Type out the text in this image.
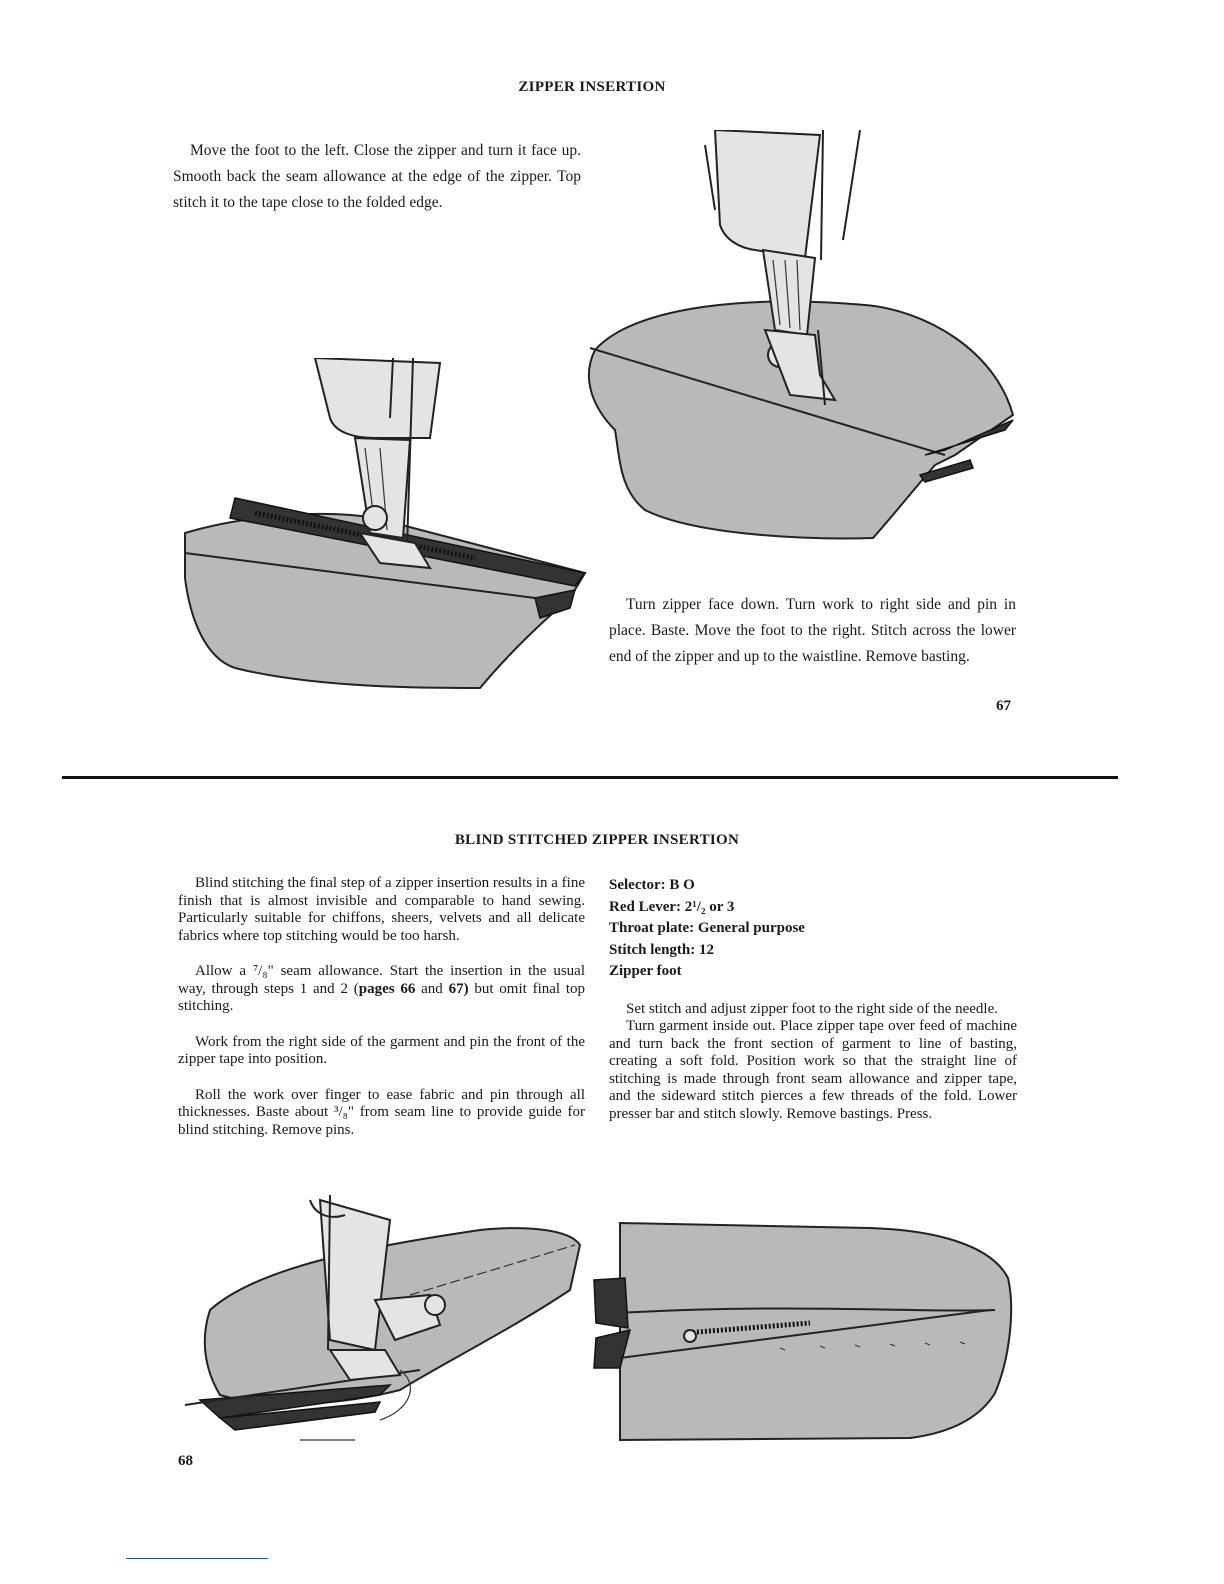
ZIPPER INSERTION
Move the foot to the left. Close the zipper and turn it face up. Smooth back the seam allowance at the edge of the zipper. Top stitch it to the tape close to the folded edge.
Turn zipper face down. Turn work to right side and pin in place. Baste. Move the foot to the right. Stitch across the lower end of the zipper and up to the waistline. Remove basting.
67
BLIND STITCHED ZIPPER INSERTION
Blind stitching the final step of a zipper insertion results in a fine finish that is almost invisible and comparable to hand sewing. Particularly suitable for chiffons, sheers, velvets and all delicate fabrics where top stitching would be too harsh.
Allow a ⁷/₈" seam allowance. Start the insertion in the usual way, through steps 1 and 2 (pages 66 and 67) but omit final top stitching.
Work from the right side of the garment and pin the front of the zipper tape into position.
Roll the work over finger to ease fabric and pin through all thicknesses. Baste about ³/₈" from seam line to provide guide for blind stitching. Remove pins.
Selector: B O
Red Lever: 2¹/₂ or 3
Throat plate: General purpose
Stitch length: 12
Zipper foot
Set stitch and adjust zipper foot to the right side of the needle.
Turn garment inside out. Place zipper tape over feed of machine and turn back the front section of garment to line of basting, creating a soft fold. Position work so that the straight line of stitching is made through front seam allowance and zipper tape, and the sideward stitch pierces a few threads of the fold. Lower presser bar and stitch slowly. Remove bastings. Press.
68
